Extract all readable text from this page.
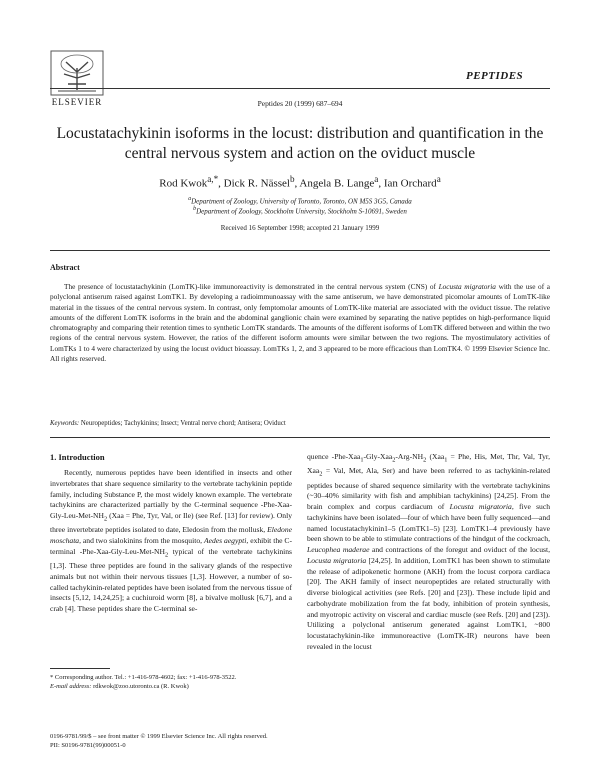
ELSEVIER
PEPTIDES
Peptides 20 (1999) 687–694
Locustatachykinin isoforms in the locust: distribution and quantification in the central nervous system and action on the oviduct muscle
Rod Kwok$^{a,*}$, Dick R. Nässel$^b$, Angela B. Lange$^a$, Ian Orchard$^a$
$^a$Department of Zoology, University of Toronto, Toronto, ON M5S 3G5, Canada
$^b$Department of Zoology, Stockholm University, Stockholm S-10691, Sweden
Received 16 September 1998; accepted 21 January 1999
Abstract
The presence of locustatachykinin (LomTK)-like immunoreactivity is demonstrated in the central nervous system (CNS) of Locusta migratoria with the use of a polyclonal antiserum raised against LomTK1. By developing a radioimmunoassay with the same antiserum, we have demonstrated picomolar amounts of LomTK-like material in the tissues of the central nervous system. In contrast, only femptomolar amounts of LomTK-like material are associated with the oviduct tissue. The relative amounts of the different LomTK isoforms in the brain and the abdominal ganglionic chain were examined by separating the native peptides on high-performance liquid chromatography and comparing their retention times to synthetic LomTK standards. The amounts of the different isoforms of LomTK differed between and within the two regions of the central nervous system. However, the ratios of the different isoform amounts were similar between the two regions. The myostimulatory activities of LomTKs 1 to 4 were characterized by using the locust oviduct bioassay. LomTKs 1, 2, and 3 appeared to be more efficacious than LomTK4. © 1999 Elsevier Science Inc. All rights reserved.
Keywords: Neuropeptides; Tachykinins; Insect; Ventral nerve chord; Antisera; Oviduct
1. Introduction
Recently, numerous peptides have been identified in insects and other invertebrates that share sequence similarity to the vertebrate tachykinin peptide family, including Substance P, the most widely known example. The vertebrate tachykinins are characterized partially by the C-terminal sequence $-Phe-Xaa-Gly-Leu-Met-NH_2$ (Xaa = Phe, Tyr, Val, or Ile) (see Ref. [13] for review). Only three invertebrate peptides isolated to date, Eledosin from the mollusk, Eledone moschata, and two sialokinins from the mosquito, Aedes aegypti, exhibit the C-terminal $-Phe-Xaa-Gly-Leu-Met-NH_2$ typical of the vertebrate tachykinins [1,3]. These three peptides are found in the salivary glands of the respective animals but not within their nervous tissues [1,3]. However, a number of so-called tachykinin-related peptides have been isolated from the nervous tissue of insects [5,12, 14,24,25]; a cuchiuroid worm [8], a bivalve mollusk [6,7], and a crab [4]. These peptides share the C-terminal se-
quence $-Phe-Xaa_1-Gly-Xaa_2-Arg-NH_2$ (Xaa$_1$ = Phe, His, Met, Thr, Val, Tyr, Xaa$_2$ = Val, Met, Ala, Ser) and have been referred to as tachykinin-related peptides because of shared sequence similarity with the vertebrate tachykinins (~30–40% similarity with fish and amphibian tachykinins) [24,25]. From the brain complex and corpus cardiacum of Locusta migratoria, five such tachykinins have been isolated—four of which have been fully sequenced—and named locustatachykinin1–5 (LomTK1–5) [23]. LomTK1–4 previously have been shown to be able to stimulate contractions of the hindgut of the cockroach, Leucophea maderae and contractions of the foregut and oviduct of the locust, Locusta migratoria [24,25]. In addition, LomTK1 has been shown to stimulate the release of adipokenetic hormone (AKH) from the locust corpora cardiaca [20]. The AKH family of insect neuropeptides are related structurally with diverse biological activities (see Refs. [20] and [23]). These include lipid and carbohydrate mobilization from the fat body, inhibition of protein synthesis, and myotropic activity on visceral and cardiac muscle (see Refs. [20] and [23]). Utilizing a polyclonal antiserum generated against LomTK1, ~800 locustatachykinin-like immunoreactive (LomTK-IR) neurons have been revealed in the locust
* Corresponding author. Tel.: +1-416-978-4602; fax: +1-416-978-3522.
E-mail address: rdkwok@zoo.utoronto.ca (R. Kwok)
0196-9781/99/$ – see front matter © 1999 Elsevier Science Inc. All rights reserved.
PII: S0196-9781(99)00051-0
